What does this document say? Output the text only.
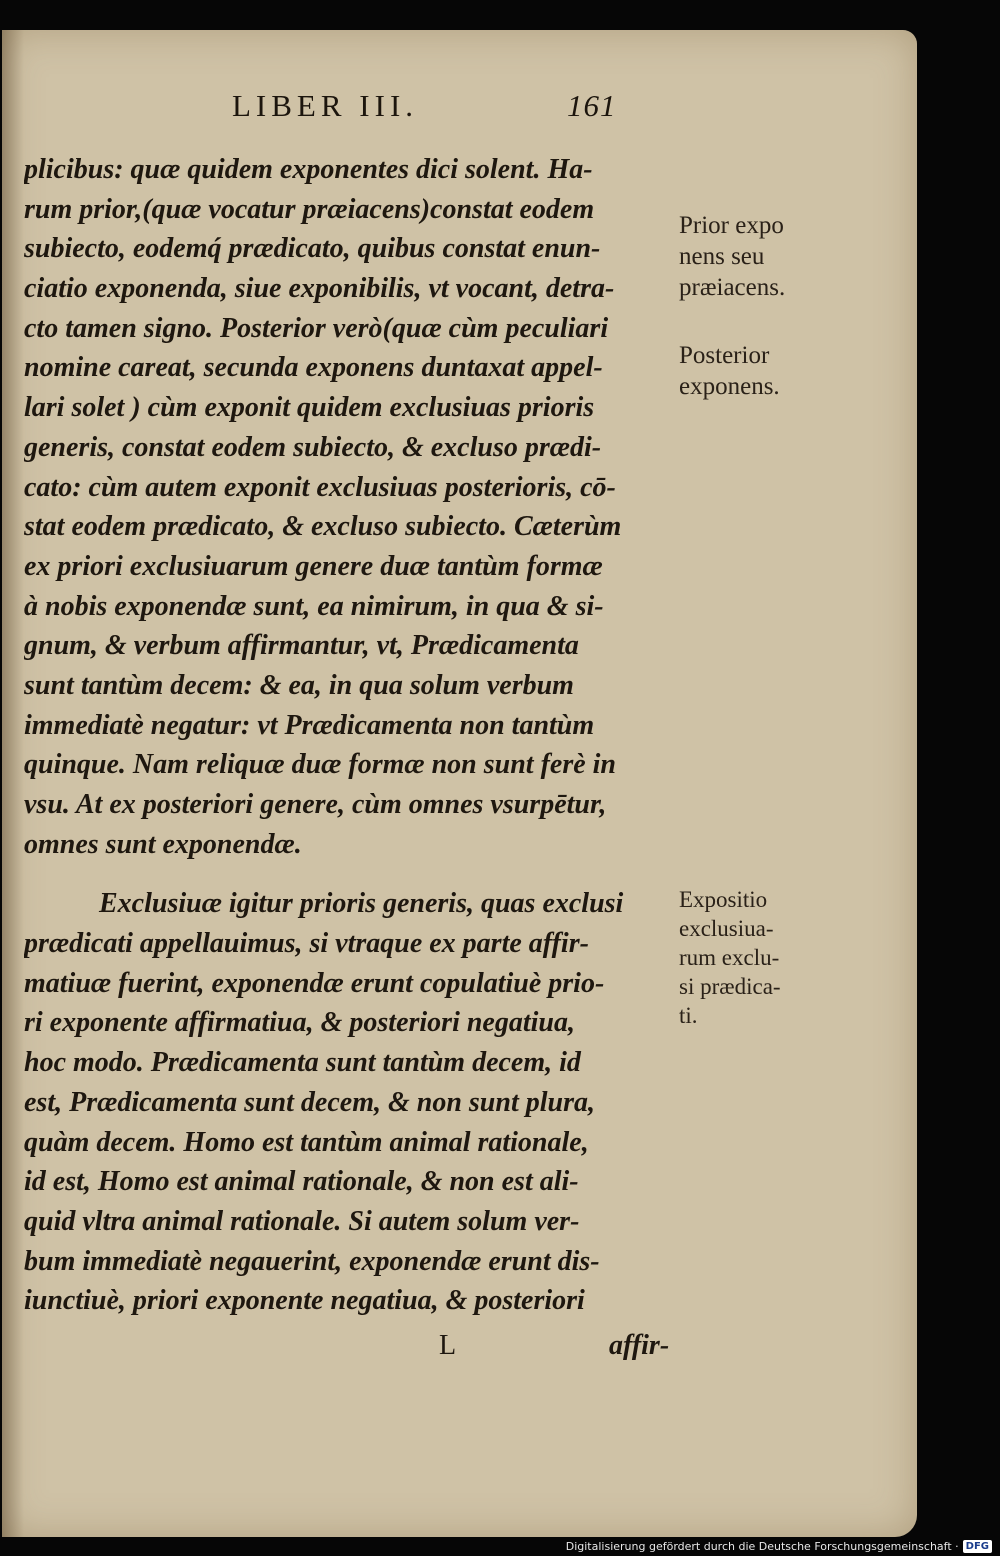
LIBER III.	161
plicibus: quæ quidem exponentes dici solent. Ha-
rum prior,(quæ vocatur præiacens)constat eodem
subiecto, eodemq́ prædicato, quibus constat enun-
ciatio exponenda, siue exponibilis, vt vocant, detra-
cto tamen signo. Posterior verò(quæ cùm peculiari
nomine careat, secunda exponens duntaxat appel-
lari solet ) cùm exponit quidem exclusiuas prioris
generis, constat eodem subiecto, & excluso prædi-
cato: cùm autem exponit exclusiuas posterioris, cō-
stat eodem prædicato, & excluso subiecto. Cæterùm
ex priori exclusiuarum genere duæ tantùm formæ
à nobis exponendæ sunt, ea nimirum, in qua & si-
gnum, & verbum affirmantur, vt, Prædicamenta
sunt tantùm decem: & ea, in qua solum verbum
immediatè negatur: vt Prædicamenta non tantùm
quinque. Nam reliquæ duæ formæ non sunt ferè in
vsu. At ex posteriori genere, cùm omnes vsurpētur,
omnes sunt exponendæ.
Exclusiuæ igitur prioris generis, quas exclusi
prædicati appellauimus, si vtraque ex parte affir-
matiuæ fuerint, exponendæ erunt copulatiuè prio-
ri exponente affirmatiua, & posteriori negatiua,
hoc modo. Prædicamenta sunt tantùm decem, id
est, Prædicamenta sunt decem, & non sunt plura,
quàm decem. Homo est tantùm animal rationale,
id est, Homo est animal rationale, & non est ali-
quid vltra animal rationale. Si autem solum ver-
bum immediatè negauerint, exponendæ erunt dis-
iunctiuè, priori exponente negatiua, & posteriori
Prior expo
nens seu
præiacens.
Posterior
exponens.
Expositio
exclusiua-
rum exclu-
si prædica-
ti.
L	affir-
Digitalisierung gefördert durch die Deutsche Forschungsgemeinschaft · DFG
